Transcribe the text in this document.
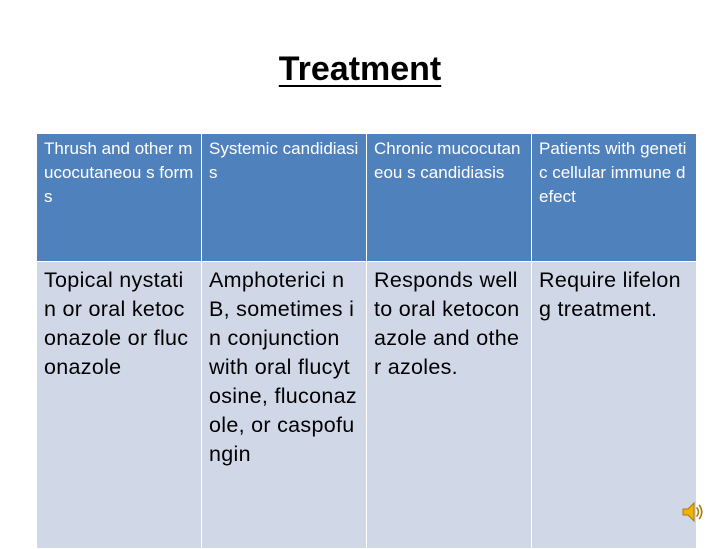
Treatment
Thrush and other mucocutaneou s forms	Systemic candidiasis	Chronic mucocutaneou s candidiasis	Patients with genetic cellular immune defect

Topical nystatin or oral ketoconazole or fluconazole	Amphoterici n B, sometimes in conjunction with oral flucytosine, fluconazole, or caspofungin	Responds well to oral ketoconazole and other azoles.	Require lifelong treatment.
